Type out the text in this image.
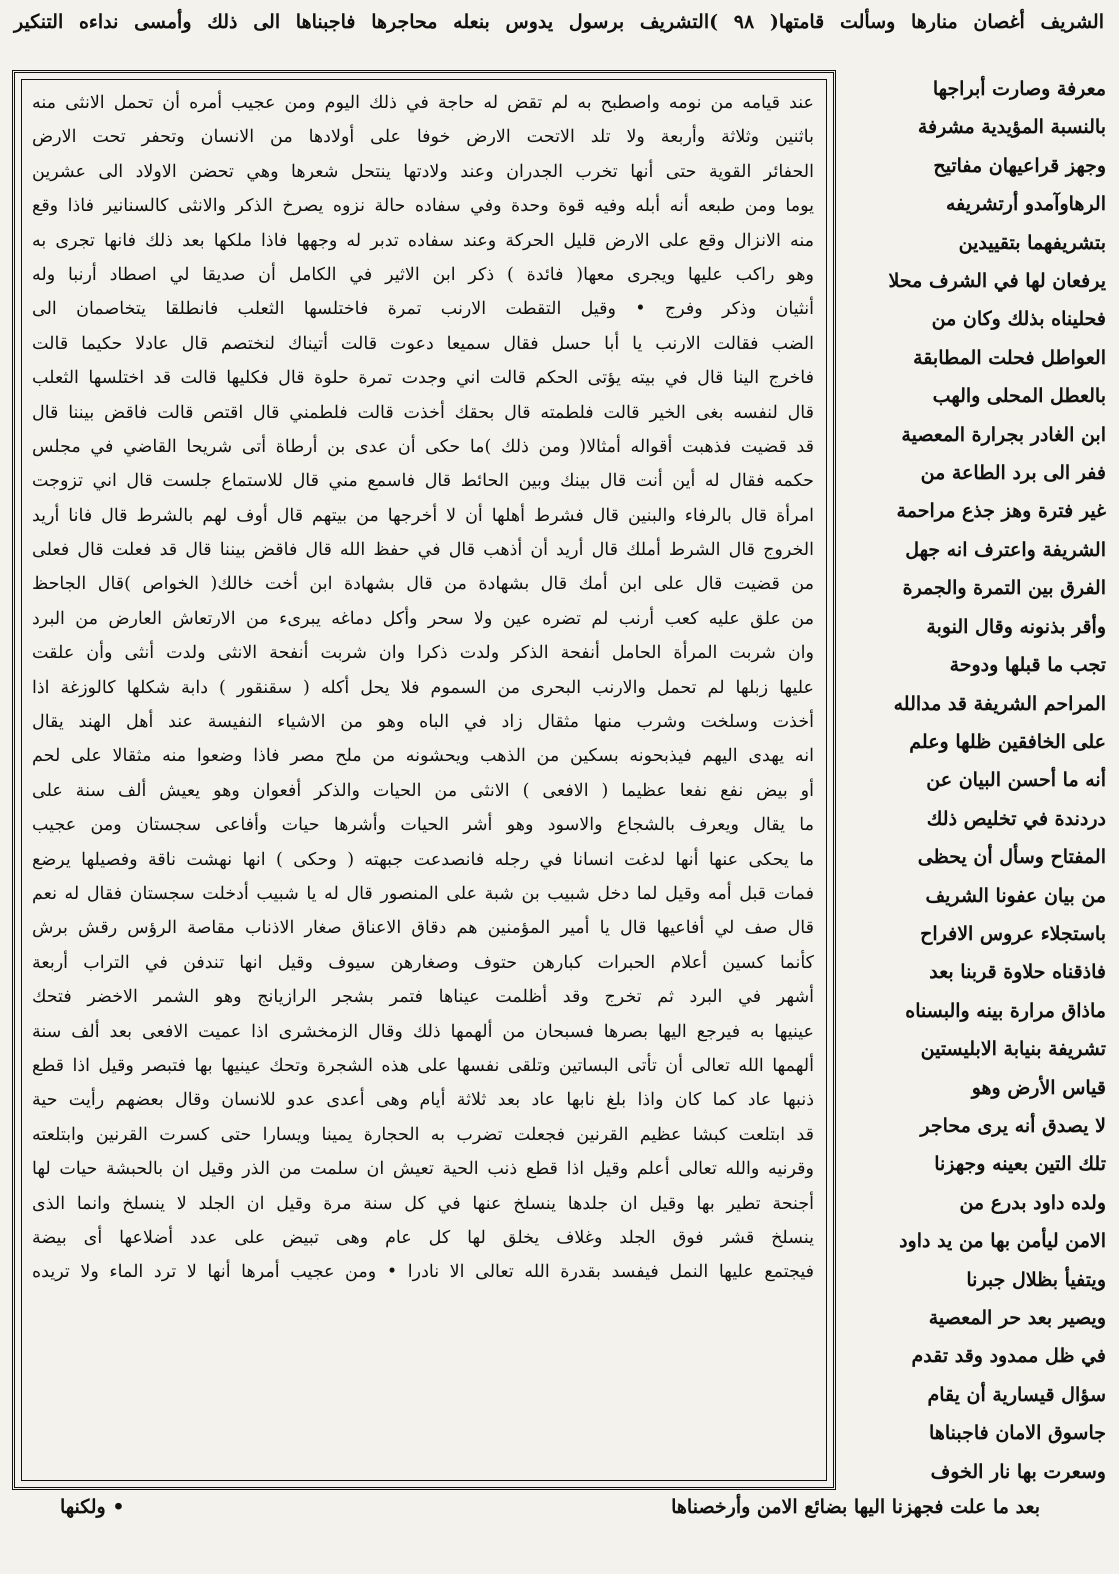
الشريف أغصان منارها وسألت قامتها( ٩٨ )التشريف برسول يدوس بنعله محاجرها فاجبناها الى ذلك وأمسى نداءه التنكير
معرفة وصارت أبراجها
بالنسبة المؤيدية مشرفة
وجهز قراعيهان مفاتيح
الرهاوآمدو أرتشريفه
بتشريفهما بتقييدين
يرفعان لها في الشرف محلا
فحليناه بذلك وكان من
العواطل فحلت المطابقة
بالعطل المحلى والهب
ابن الغادر بجرارة المعصية
ففر الى برد الطاعة من
غير فترة وهز جذع مراحمة
الشريفة واعترف انه جهل
الفرق بين التمرة والجمرة
وأقر بذنونه وقال النوبة
تجب ما قبلها ودوحة
المراحم الشريفة قد مدالله
على الخافقين ظلها وعلم
أنه ما أحسن البيان عن
دردندة في تخليص ذلك
المفتاح وسأل أن يحظى
من بيان عفونا الشريف
باستجلاء عروس الافراح
فاذقناه حلاوة قربنا بعد
ماذاق مرارة بينه والبسناه
تشريفة بنيابة الابليستين
قياس الأرض وهو
لا يصدق أنه يرى محاجر
تلك التين بعينه وجهزنا
ولده داود بدرع من
الامن ليأمن بها من يد داود
ويتفيأ بظلال جبرنا
ويصير بعد حر المعصية
في ظل ممدود وقد تقدم
سؤال قيسارية أن يقام
جاسوق الامان فاجبناها
وسعرت بها نار الخوف
عند قيامه من نومه واصطبح به لم تقض له حاجة في ذلك اليوم ومن عجيب أمره أن تحمل الانثى منه
باثنين وثلاثة وأربعة ولا تلد الاتحت الارض خوفا على أولادها من الانسان وتحفر تحت الارض
الحفائر القوية حتى أنها تخرب الجدران وعند ولادتها ينتحل شعرها وهي تحضن الاولاد الى عشرين
يوما ومن طبعه أنه أبله وفيه قوة وحدة وفي سفاده حالة نزوه يصرخ الذكر والانثى كالسنانير فاذا وقع
منه الانزال وقع على الارض قليل الحركة وعند سفاده تدبر له وجهها فاذا ملكها بعد ذلك فانها تجرى به
وهو راكب عليها ويجرى معها( فائدة ) ذكر ابن الاثير في الكامل أن صديقا لي اصطاد أرنبا وله
أنثيان وذكر وفرج • وقيل التقطت الارنب تمرة فاختلسها الثعلب فانطلقا يتخاصمان الى
الضب فقالت الارنب يا أبا حسل فقال سميعا دعوت قالت أتيناك لنختصم قال عادلا حكيما قالت
فاخرج الينا قال في بيته يؤتى الحكم قالت اني وجدت تمرة حلوة قال فكليها قالت قد اختلسها الثعلب
قال لنفسه بغى الخير قالت فلطمته قال بحقك أخذت قالت فلطمني قال اقتص قالت فاقض بيننا قال
قد قضيت فذهبت أقواله أمثالا( ومن ذلك )ما حكى أن عدى بن أرطاة أتى شريحا القاضي في مجلس
حكمه فقال له أين أنت قال بينك وبين الحائط قال فاسمع مني قال للاستماع جلست قال اني تزوجت
امرأة قال بالرفاء والبنين قال فشرط أهلها أن لا أخرجها من بيتهم قال أوف لهم بالشرط قال فانا أريد
الخروج قال الشرط أملك قال أريد أن أذهب قال في حفظ الله قال فاقض بيننا قال قد فعلت قال فعلى
من قضيت قال على ابن أمك قال بشهادة من قال بشهادة ابن أخت خالك( الخواص )قال الجاحظ
من علق عليه كعب أرنب لم تضره عين ولا سحر وأكل دماغه يبرىء من الارتعاش العارض من البرد
وان شربت المرأة الحامل أنفحة الذكر ولدت ذكرا وان شربت أنفحة الانثى ولدت أنثى وأن علقت
عليها زبلها لم تحمل والارنب البحرى من السموم فلا يحل أكله ( سقنقور ) دابة شكلها كالوزغة اذا
أخذت وسلخت وشرب منها مثقال زاد في الباه وهو من الاشياء النفيسة عند أهل الهند يقال
انه يهدى اليهم فيذبحونه بسكين من الذهب ويحشونه من ملح مصر فاذا وضعوا منه مثقالا على لحم
أو بيض نفع نفعا عظيما ( الافعى ) الانثى من الحيات والذكر أفعوان وهو يعيش ألف سنة على
ما يقال ويعرف بالشجاع والاسود وهو أشر الحيات وأشرها حيات وأفاعى سجستان ومن عجيب
ما يحكى عنها أنها لدغت انسانا في رجله فانصدعت جبهته ( وحكى ) انها نهشت ناقة وفصيلها يرضع
فمات قبل أمه وقيل لما دخل شبيب بن شبة على المنصور قال له يا شبيب أدخلت سجستان فقال له نعم
قال صف لي أفاعيها قال يا أمير المؤمنين هم دقاق الاعناق صغار الاذناب مقاصة الرؤس رقش برش
كأنما كسين أعلام الحبرات كبارهن حتوف وصغارهن سيوف وقيل انها تندفن في التراب أربعة
أشهر في البرد ثم تخرج وقد أظلمت عيناها فتمر بشجر الرازيانج وهو الشمر الاخضر فتحك
عينيها به فيرجع اليها بصرها فسبحان من ألهمها ذلك وقال الزمخشرى اذا عميت الافعى بعد ألف سنة
ألهمها الله تعالى أن تأتى البساتين وتلقى نفسها على هذه الشجرة وتحك عينيها بها فتبصر وقيل اذا قطع
ذنبها عاد كما كان واذا بلغ نابها عاد بعد ثلاثة أيام وهى أعدى عدو للانسان وقال بعضهم رأيت حية
قد ابتلعت كبشا عظيم القرنين فجعلت تضرب به الحجارة يمينا ويسارا حتى كسرت القرنين وابتلعته
وقرنيه والله تعالى أعلم وقيل اذا قطع ذنب الحية تعيش ان سلمت من الذر وقيل ان بالحبشة حيات لها
أجنحة تطير بها وقيل ان جلدها ينسلخ عنها في كل سنة مرة وقيل ان الجلد لا ينسلخ وانما الذى
ينسلخ قشر فوق الجلد وغلاف يخلق لها كل عام وهى تبيض على عدد أضلاعها أى بيضة
فيجتمع عليها النمل فيفسد بقدرة الله تعالى الا نادرا • ومن عجيب أمرها أنها لا ترد الماء ولا تريده
بعد ما علت فجهزنا اليها بضائع الامن وأرخصناها
• ولكنها
